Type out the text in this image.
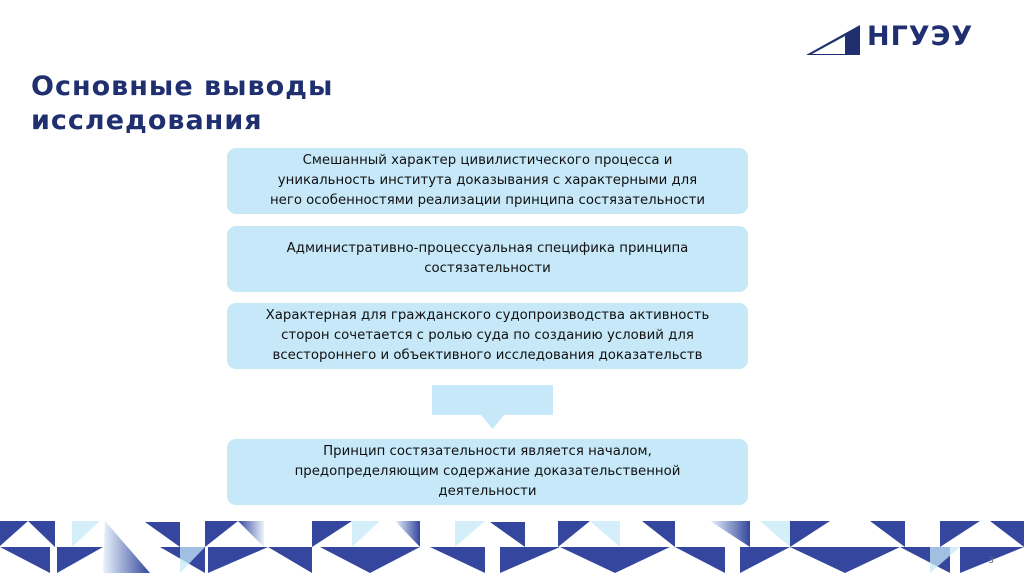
НГУЭУ
Основные выводы исследования
Смешанный характер цивилистического процесса и
уникальность института доказывания с характерными для
него особенностями реализации принципа состязательности
Административно-процессуальная специфика принципа
состязательности
Характерная для гражданского судопроизводства активность
сторон сочетается с ролью суда по созданию условий для
всестороннего и объективного исследования доказательств
Принцип состязательности является началом,
предопределяющим содержание доказательственной
деятельности
3
